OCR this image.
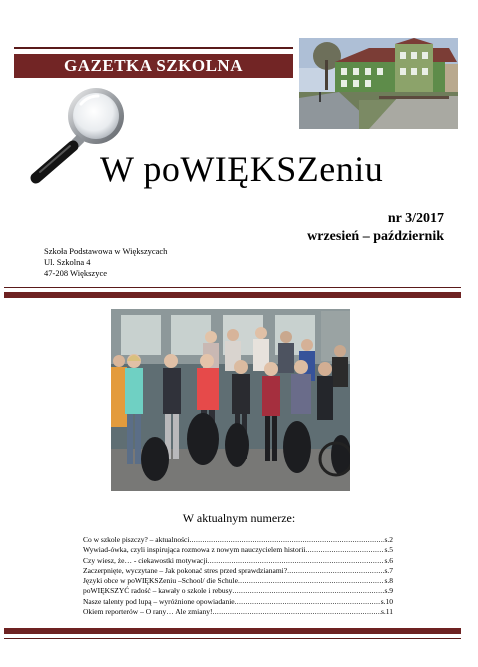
GAZETKA SZKOLNA
W poWIĘKSZeniu
nr 3/2017
wrzesień – październik
Szkoła Podstawowa w Większycach
Ul. Szkolna 4
47-208 Większyce
W aktualnym numerze:
Co w szkole piszczy? – aktualności .....	s.2
Wywiad-ówka, czyli inspirująca rozmowa z nowym nauczycielem historii .....	s.5
Czy wiesz, że… - ciekawostki motywacji .....	s.6
Zaczerpnięte, wyczytane – Jak pokonać stres przed sprawdzianami? .....	s.7
Języki obce w poWIĘKSZeniu –School/ die Schule .....	s.8
poWIĘKSZYĆ radość – kawały o szkole i rebusy .....	s.9
Nasze talenty pod lupą – wyróżnione opowiadanie .....	s.10
Okiem reporterów – O rany… Ale zmiany! .....	s.11
